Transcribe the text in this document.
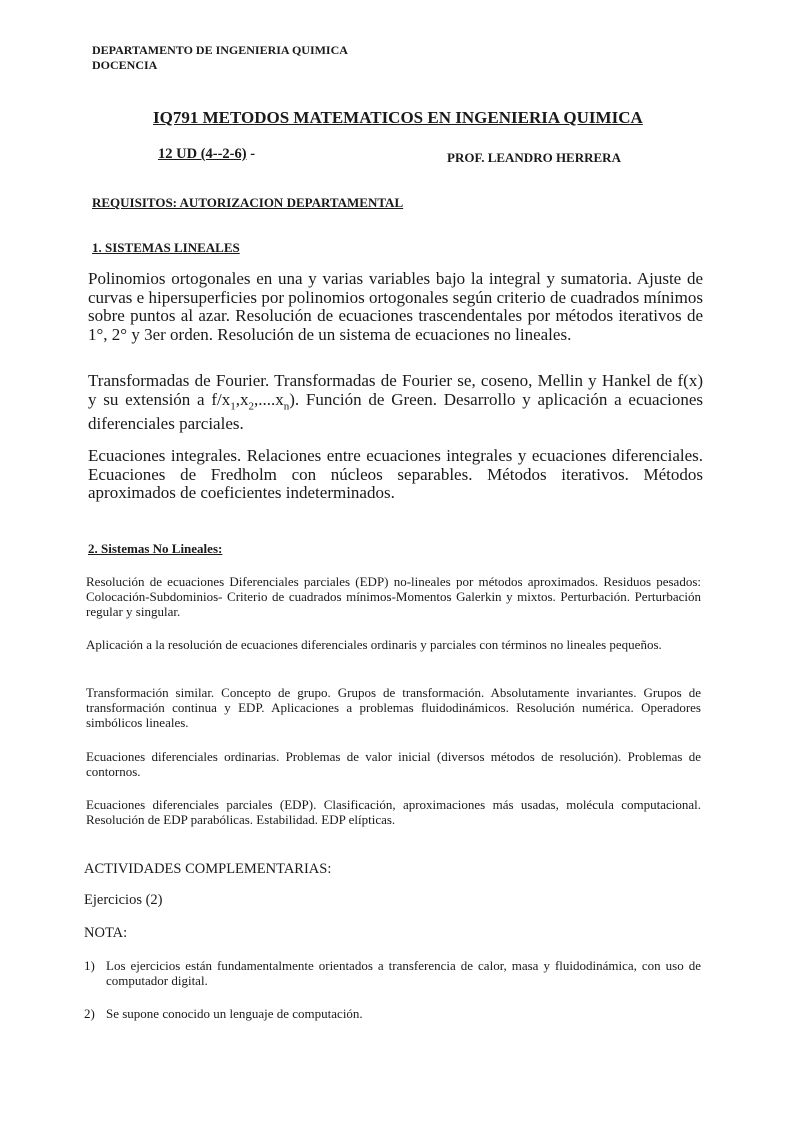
DEPARTAMENTO DE INGENIERIA QUIMICA
DOCENCIA
IQ791 METODOS MATEMATICOS EN INGENIERIA QUIMICA
12 UD (4--2-6) -	PROF. LEANDRO HERRERA
REQUISITOS: AUTORIZACION DEPARTAMENTAL
1. SISTEMAS LINEALES
Polinomios ortogonales en una y varias variables bajo la integral y sumatoria. Ajuste de curvas e hipersuperficies por polinomios ortogonales según criterio de cuadrados mínimos sobre puntos al azar. Resolución de ecuaciones trascendentales por métodos iterativos de 1°, 2° y 3er orden. Resolución de un sistema de ecuaciones no lineales.
Transformadas de Fourier. Transformadas de Fourier se, coseno, Mellin y Hankel de f(x) y su extensión a $f/x_1,x_2,....x_n$). Función de Green. Desarrollo y aplicación a ecuaciones diferenciales parciales.
Ecuaciones integrales. Relaciones entre ecuaciones integrales y ecuaciones diferenciales. Ecuaciones de Fredholm con núcleos separables. Métodos iterativos. Métodos aproximados de coeficientes indeterminados.
2. Sistemas No Lineales:
Resolución de ecuaciones Diferenciales parciales (EDP) no-lineales por métodos aproximados. Residuos pesados: Colocación-Subdominios- Criterio de cuadrados mínimos-Momentos Galerkin y mixtos. Perturbación. Perturbación regular y singular.
Aplicación a la resolución de ecuaciones diferenciales ordinaris y parciales con términos no lineales pequeños.
Transformación similar. Concepto de grupo. Grupos de transformación. Absolutamente invariantes. Grupos de transformación continua y EDP. Aplicaciones a problemas fluidodinámicos. Resolución numérica. Operadores simbólicos lineales.
Ecuaciones diferenciales ordinarias. Problemas de valor inicial (diversos métodos de resolución). Problemas de contornos.
Ecuaciones diferenciales parciales (EDP). Clasificación, aproximaciones más usadas, molécula computacional. Resolución de EDP parabólicas. Estabilidad. EDP elípticas.
ACTIVIDADES COMPLEMENTARIAS:
Ejercicios (2)
NOTA:
1) Los ejercicios están fundamentalmente orientados a transferencia de calor, masa y fluidodinámica, con uso de computador digital.
2) Se supone conocido un lenguaje de computación.
